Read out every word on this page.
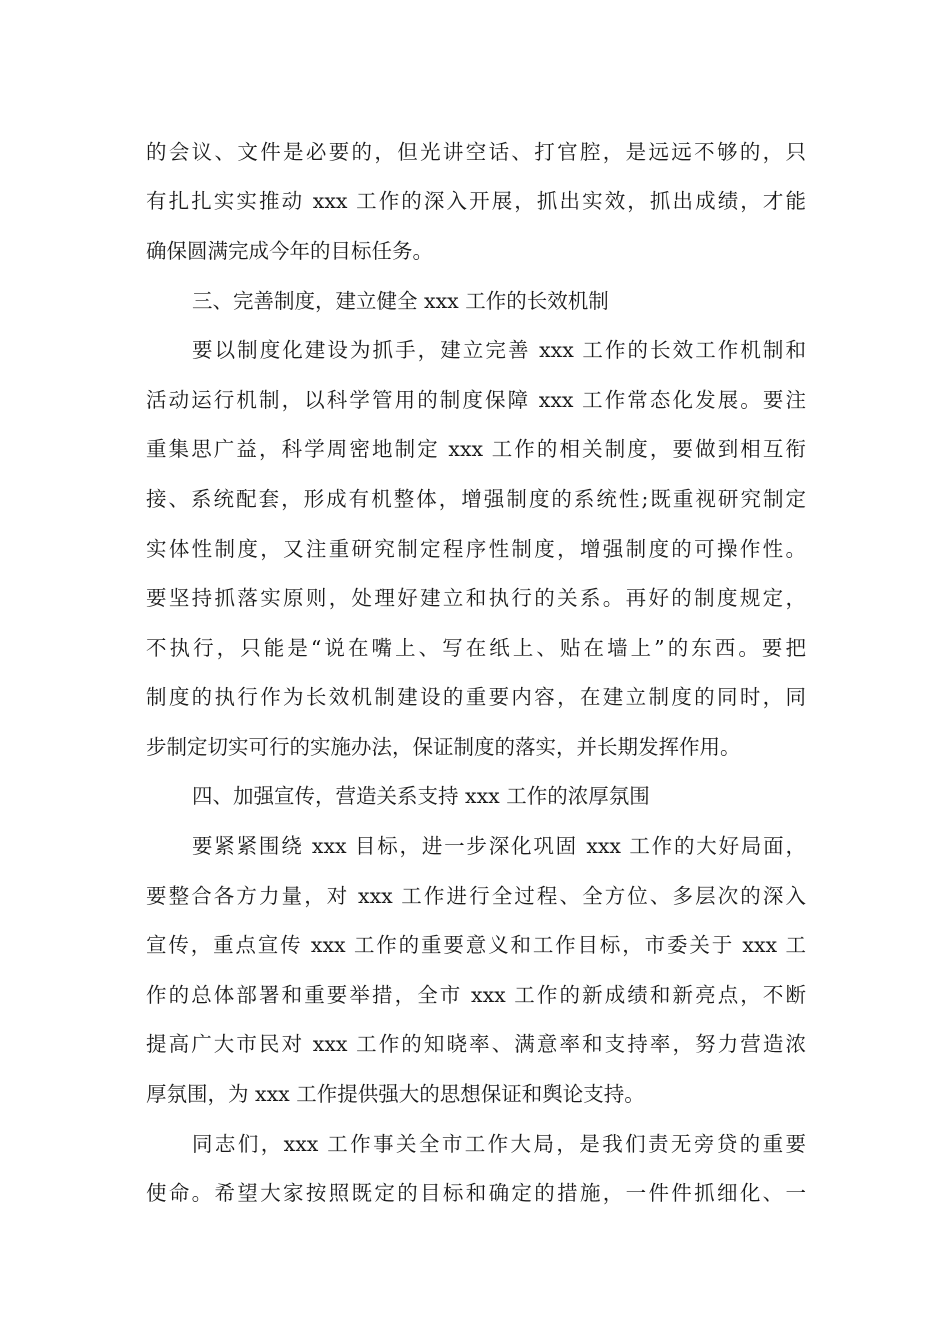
的会议、文件是必要的，但光讲空话、打官腔，是远远不够的，只
有扎扎实实推动 xxx 工作的深入开展，抓出实效，抓出成绩，才能
确保圆满完成今年的目标任务。
三、完善制度，建立健全 xxx 工作的长效机制
要以制度化建设为抓手，建立完善 xxx 工作的长效工作机制和
活动运行机制，以科学管用的制度保障 xxx 工作常态化发展。要注
重集思广益，科学周密地制定 xxx 工作的相关制度，要做到相互衔
接、系统配套，形成有机整体，增强制度的系统性;既重视研究制定
实体性制度，又注重研究制定程序性制度，增强制度的可操作性。
要坚持抓落实原则，处理好建立和执行的关系。再好的制度规定，
不执行，只能是“说在嘴上、写在纸上、贴在墙上”的东西。要把
制度的执行作为长效机制建设的重要内容，在建立制度的同时，同
步制定切实可行的实施办法，保证制度的落实，并长期发挥作用。
四、加强宣传，营造关系支持 xxx 工作的浓厚氛围
要紧紧围绕 xxx 目标，进一步深化巩固 xxx 工作的大好局面，
要整合各方力量，对 xxx 工作进行全过程、全方位、多层次的深入
宣传，重点宣传 xxx 工作的重要意义和工作目标，市委关于 xxx 工
作的总体部署和重要举措，全市 xxx 工作的新成绩和新亮点，不断
提高广大市民对 xxx 工作的知晓率、满意率和支持率，努力营造浓
厚氛围，为 xxx 工作提供强大的思想保证和舆论支持。
同志们，xxx 工作事关全市工作大局，是我们责无旁贷的重要
使命。希望大家按照既定的目标和确定的措施，一件件抓细化、一
